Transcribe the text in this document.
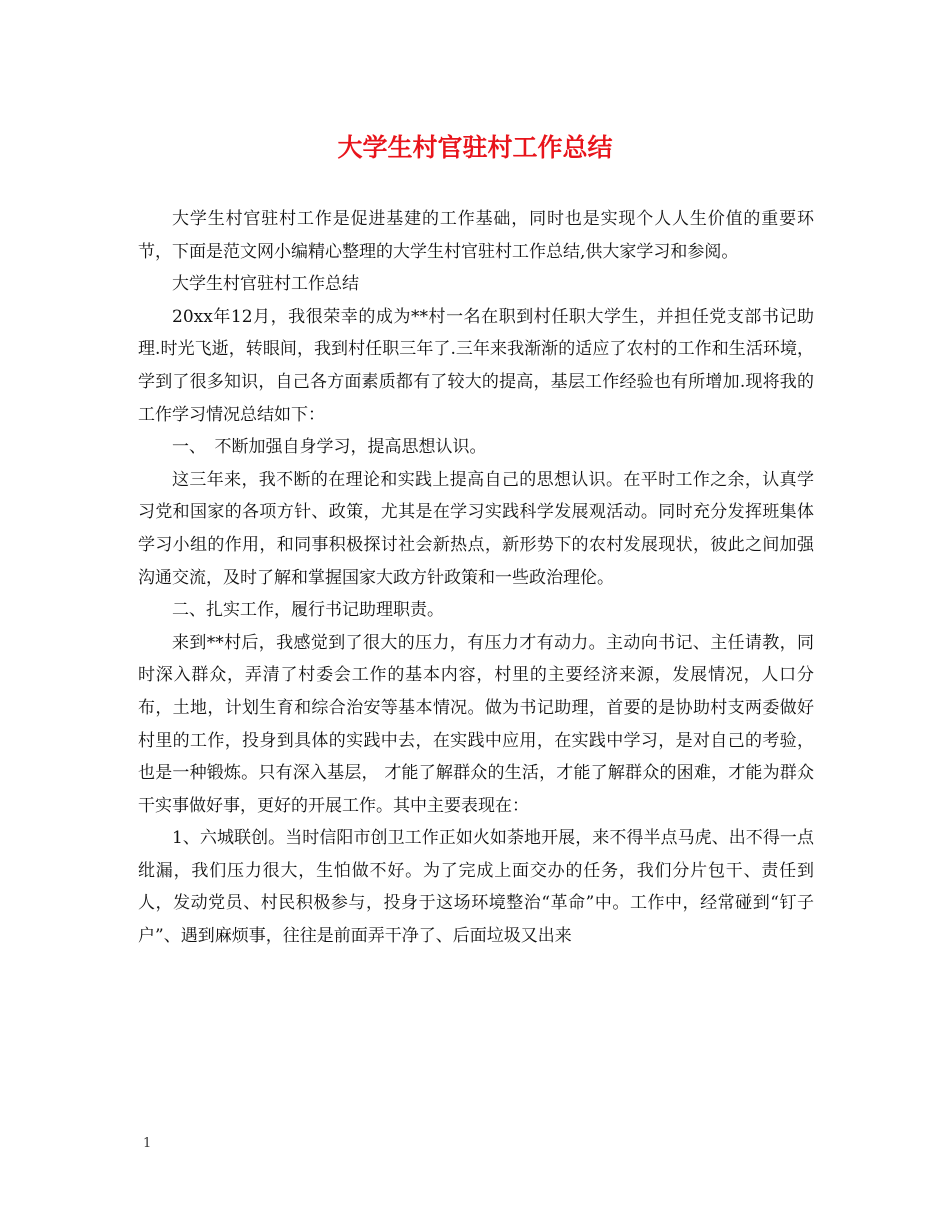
大学生村官驻村工作总结

大学生村官驻村工作是促进基建的工作基础，同时也是实现个人人生价值的重要环节，下面是范文网小编精心整理的大学生村官驻村工作总结,供大家学习和参阅。

大学生村官驻村工作总结

20xx年12月，我很荣幸的成为**村一名在职到村任职大学生，并担任党支部书记助理.时光飞逝，转眼间，我到村任职三年了.三年来我渐渐的适应了农村的工作和生活环境，学到了很多知识，自己各方面素质都有了较大的提高，基层工作经验也有所增加.现将我的工作学习情况总结如下：

一、　不断加强自身学习，提高思想认识。

这三年来，我不断的在理论和实践上提高自己的思想认识。在平时工作之余，认真学习党和国家的各项方针、政策，尤其是在学习实践科学发展观活动。同时充分发挥班集体学习小组的作用，和同事积极探讨社会新热点，新形势下的农村发展现状，彼此之间加强沟通交流，及时了解和掌握国家大政方针政策和一些政治理伦。

二、扎实工作，履行书记助理职责。

来到**村后，我感觉到了很大的压力，有压力才有动力。主动向书记、主任请教，同时深入群众，弄清了村委会工作的基本内容，村里的主要经济来源，发展情况，人口分布，土地，计划生育和综合治安等基本情况。做为书记助理，首要的是协助村支两委做好村里的工作，投身到具体的实践中去，在实践中应用，在实践中学习，是对自己的考验，也是一种锻炼。只有深入基层， 才能了解群众的生活，才能了解群众的困难，才能为群众干实事做好事，更好的开展工作。其中主要表现在：

1、六城联创。当时信阳市创卫工作正如火如荼地开展，来不得半点马虎、出不得一点纰漏，我们压力很大，生怕做不好。为了完成上面交办的任务，我们分片包干、责任到人，发动党员、村民积极参与，投身于这场环境整治“革命”中。工作中，经常碰到“钉子户”、遇到麻烦事，往往是前面弄干净了、后面垃圾又出来

1
